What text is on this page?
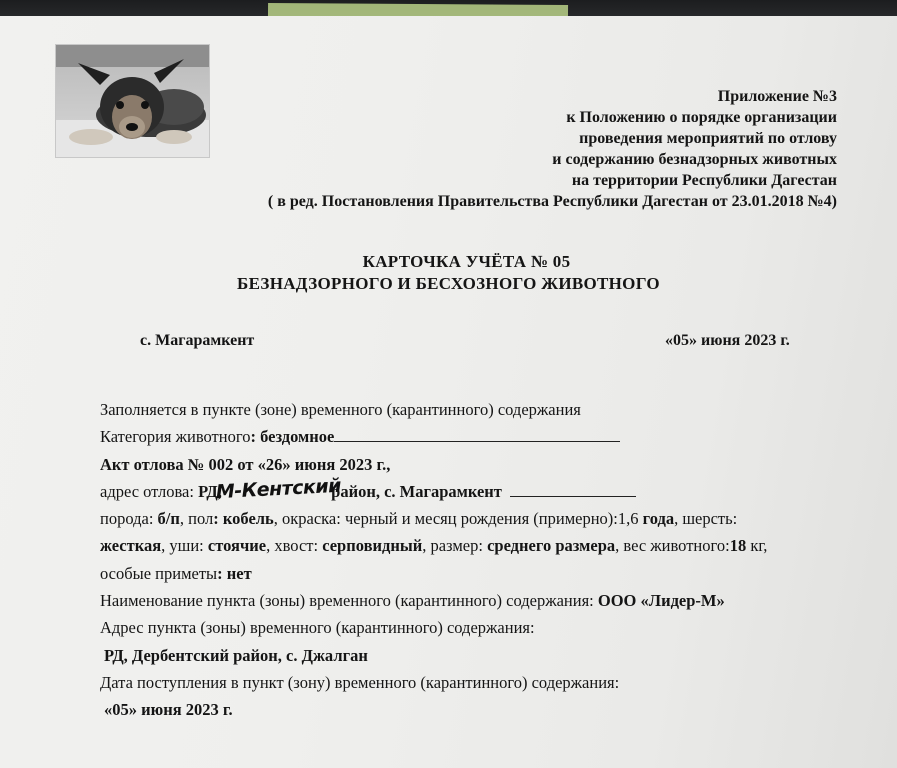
Приложение №3
к Положению о порядке организации
проведения мероприятий по отлову
и содержанию безнадзорных животных
на территории Республики Дагестан
( в ред. Постановления Правительства Республики Дагестан от 23.01.2018 №4)
КАРТОЧКА УЧЁТА № 05
БЕЗНАДЗОРНОГО И БЕСХОЗНОГО ЖИВОТНОГО
с. Магарамкент	«05» июня 2023 г.
Заполняется в пункте (зоне) временного (карантинного) содержания
Категория животного: бездомное
Акт отлова № 002 от «26» июня 2023 г.,
адрес отлова: РД,М-Кентский район, с. Магарамкент
порода: б/п, пол: кобель, окраска: черный и месяц рождения (примерно):1,6 года, шерсть:
жесткая, уши: стоячие, хвост: серповидный, размер: среднего размера, вес животного:18 кг,
особые приметы: нет
Наименование пункта (зоны) временного (карантинного) содержания: ООО «Лидер-М»
Адрес пункта (зоны) временного (карантинного) содержания:
РД, Дербентский район, с. Джалган
Дата поступления в пункт (зону) временного (карантинного) содержания:
«05» июня 2023 г.
